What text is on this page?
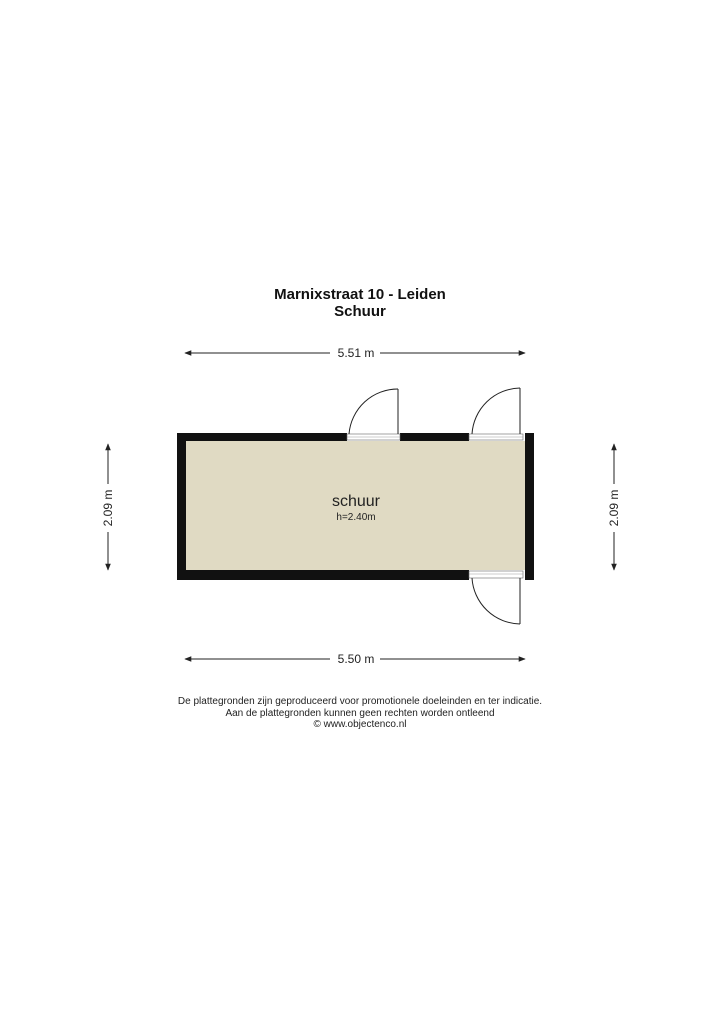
Marnixstraat 10 - Leiden
Schuur
5.51 m
5.50 m
2.09 m	2.09 m
schuur
h=2.40m
De plattegronden zijn geproduceerd voor promotionele doeleinden en ter indicatie.
Aan de plattegronden kunnen geen rechten worden ontleend
© www.objectenco.nl
